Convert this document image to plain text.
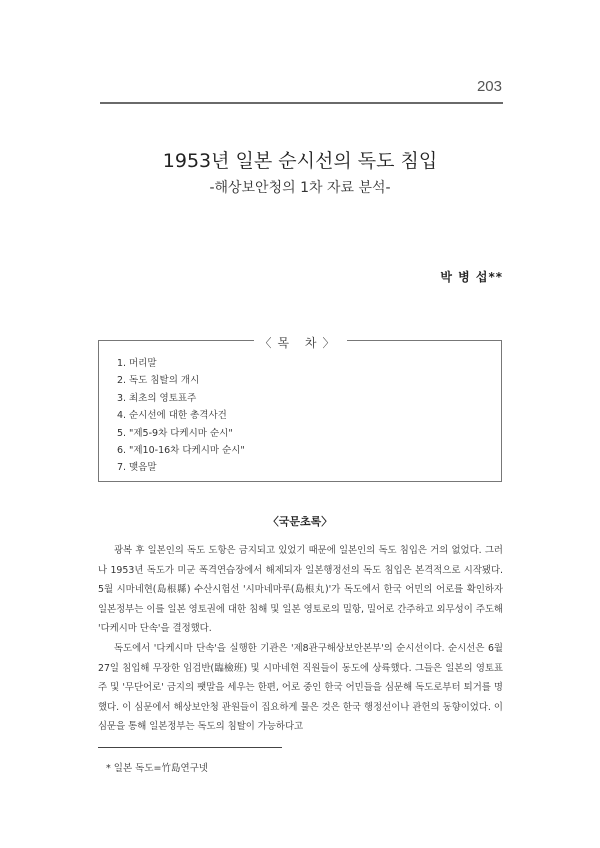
203
1953년 일본 순시선의 독도 침입
-해상보안청의 1차 자료 분석-
박 병 섭**
〈목 차〉
1. 머리말
2. 독도 침탈의 개시
3. 최초의 영토표주
4. 순시선에 대한 총격사건
5. "제5-9차 다케시마 순시"
6. "제10-16차 다케시마 순시"
7. 맺음말
〈국문초록〉

광복 후 일본인의 독도 도항은 금지되고 있었기 때문에 일본인의 독도 침입은 거의 없었다. 그러나 1953년 독도가 미군 폭격연습장에서 해제되자 일본행정선의 독도 침입은 본격적으로 시작됐다. 5월 시마네현(島根縣) 수산시험선 '시마네마루(島根丸)'가 독도에서 한국 어민의 어로를 확인하자 일본정부는 이를 일본 영토권에 대한 침해 및 일본 영토로의 밀항, 밀어로 간주하고 외무성이 주도해 '다케시마 단속'을 결정했다.

독도에서 '다케시마 단속'을 실행한 기관은 '제8관구해상보안본부'의 순시선이다. 순시선은 6월 27일 침입해 무장한 임검반(臨檢班) 및 시마네현 직원들이 동도에 상륙했다. 그들은 일본의 영토표주 및 '무단어로' 금지의 팻말을 세우는 한편, 어로 중인 한국 어민들을 심문해 독도로부터 퇴거를 명했다. 이 심문에서 해상보안청 관원들이 집요하게 물은 것은 한국 행정선이나 관헌의 동향이었다. 이 심문을 통해 일본정부는 독도의 침탈이 가능하다고

* 일본 독도=竹島연구넷
